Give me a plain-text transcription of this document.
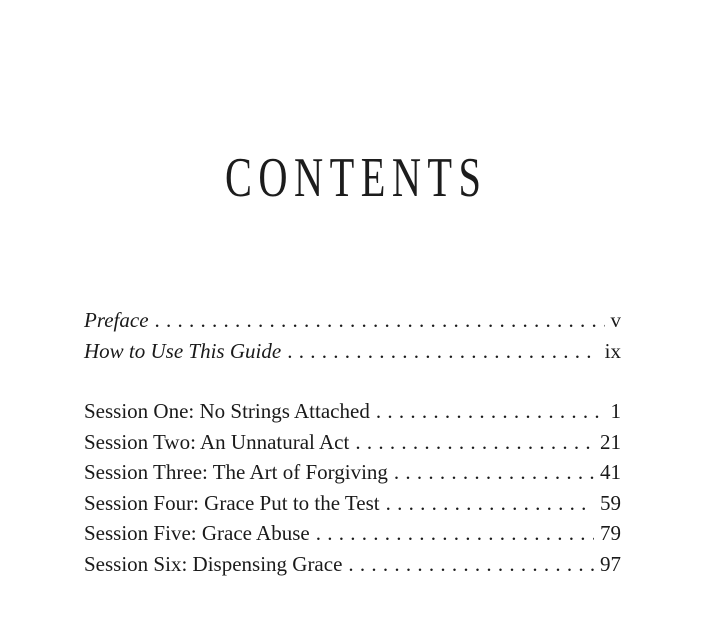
CONTENTS
Preface . . .	v
How to Use This Guide . . .	ix
Session One: No Strings Attached . . .	1
Session Two: An Unnatural Act . . .	21
Session Three: The Art of Forgiving . . .	41
Session Four: Grace Put to the Test . . .	59
Session Five: Grace Abuse . . .	79
Session Six: Dispensing Grace . . .	97
